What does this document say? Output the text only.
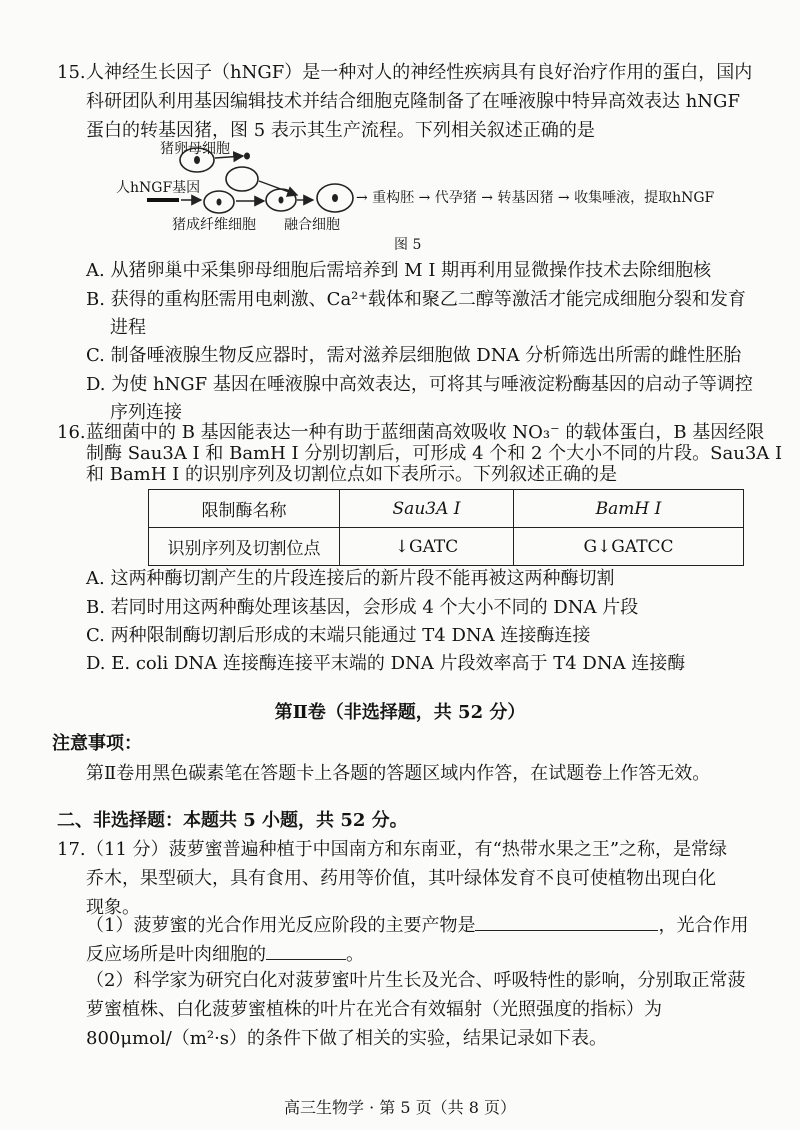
15. 人神经生长因子（hNGF）是一种对人的神经性疾病具有良好治疗作用的蛋白，国内
科研团队利用基因编辑技术并结合细胞克隆制备了在唾液腺中特异高效表达 hNGF
蛋白的转基因猪，图 5 表示其生产流程。下列相关叙述正确的是
猪卵母细胞
人hNGF基因
猪成纤维细胞 融合细胞
→ 重构胚 → 代孕猪 → 转基因猪 → 收集唾液，提取hNGF
图 5
A. 从猪卵巢中采集卵母细胞后需培养到 M Ⅰ 期再利用显微操作技术去除细胞核
B. 获得的重构胚需用电刺激、Ca²⁺载体和聚乙二醇等激活才能完成细胞分裂和发育
进程
C. 制备唾液腺生物反应器时，需对滋养层细胞做 DNA 分析筛选出所需的雌性胚胎
D. 为使 hNGF 基因在唾液腺中高效表达，可将其与唾液淀粉酶基因的启动子等调控
序列连接
16. 蓝细菌中的 B 基因能表达一种有助于蓝细菌高效吸收 NO₃⁻ 的载体蛋白，B 基因经限
制酶 Sau3A Ⅰ 和 BamH Ⅰ 分别切割后，可形成 4 个和 2 个大小不同的片段。Sau3A Ⅰ
限制酶名称	Sau3A Ⅰ	BamH Ⅰ
识别序列及切割位点	↓GATC	G↓GATCC
A. 这两种酶切割产生的片段连接后的新片段不能再被这两种酶切割
B. 若同时用这两种酶处理该基因，会形成 4 个大小不同的 DNA 片段
C. 两种限制酶切割后形成的末端只能通过 T4 DNA 连接酶连接
D. E. coli DNA 连接酶连接平末端的 DNA 片段效率高于 T4 DNA 连接酶
第Ⅱ卷（非选择题，共 52 分）
注意事项：
第Ⅱ卷用黑色碳素笔在答题卡上各题的答题区域内作答，在试题卷上作答无效。
二、非选择题：本题共 5 小题，共 52 分。
17. （11 分）菠萝蜜普遍种植于中国南方和东南亚，有“热带水果之王”之称，是常绿
乔木，果型硕大，具有食用、药用等价值，其叶绿体发育不良可使植物出现白化
现象。
（1）菠萝蜜的光合作用光反应阶段的主要产物是	，光合作用
反应场所是叶肉细胞的	。
（2）科学家为研究白化对菠萝蜜叶片生长及光合、呼吸特性的影响，分别取正常菠
萝蜜植株、白化菠萝蜜植株的叶片在光合有效辐射（光照强度的指标）为
800μmol/（m²·s）的条件下做了相关的实验，结果记录如下表。
高三生物学 · 第 5 页（共 8 页）
和 BamH Ⅰ 的识别序列及切割位点如下表所示。下列叙述正确的是
